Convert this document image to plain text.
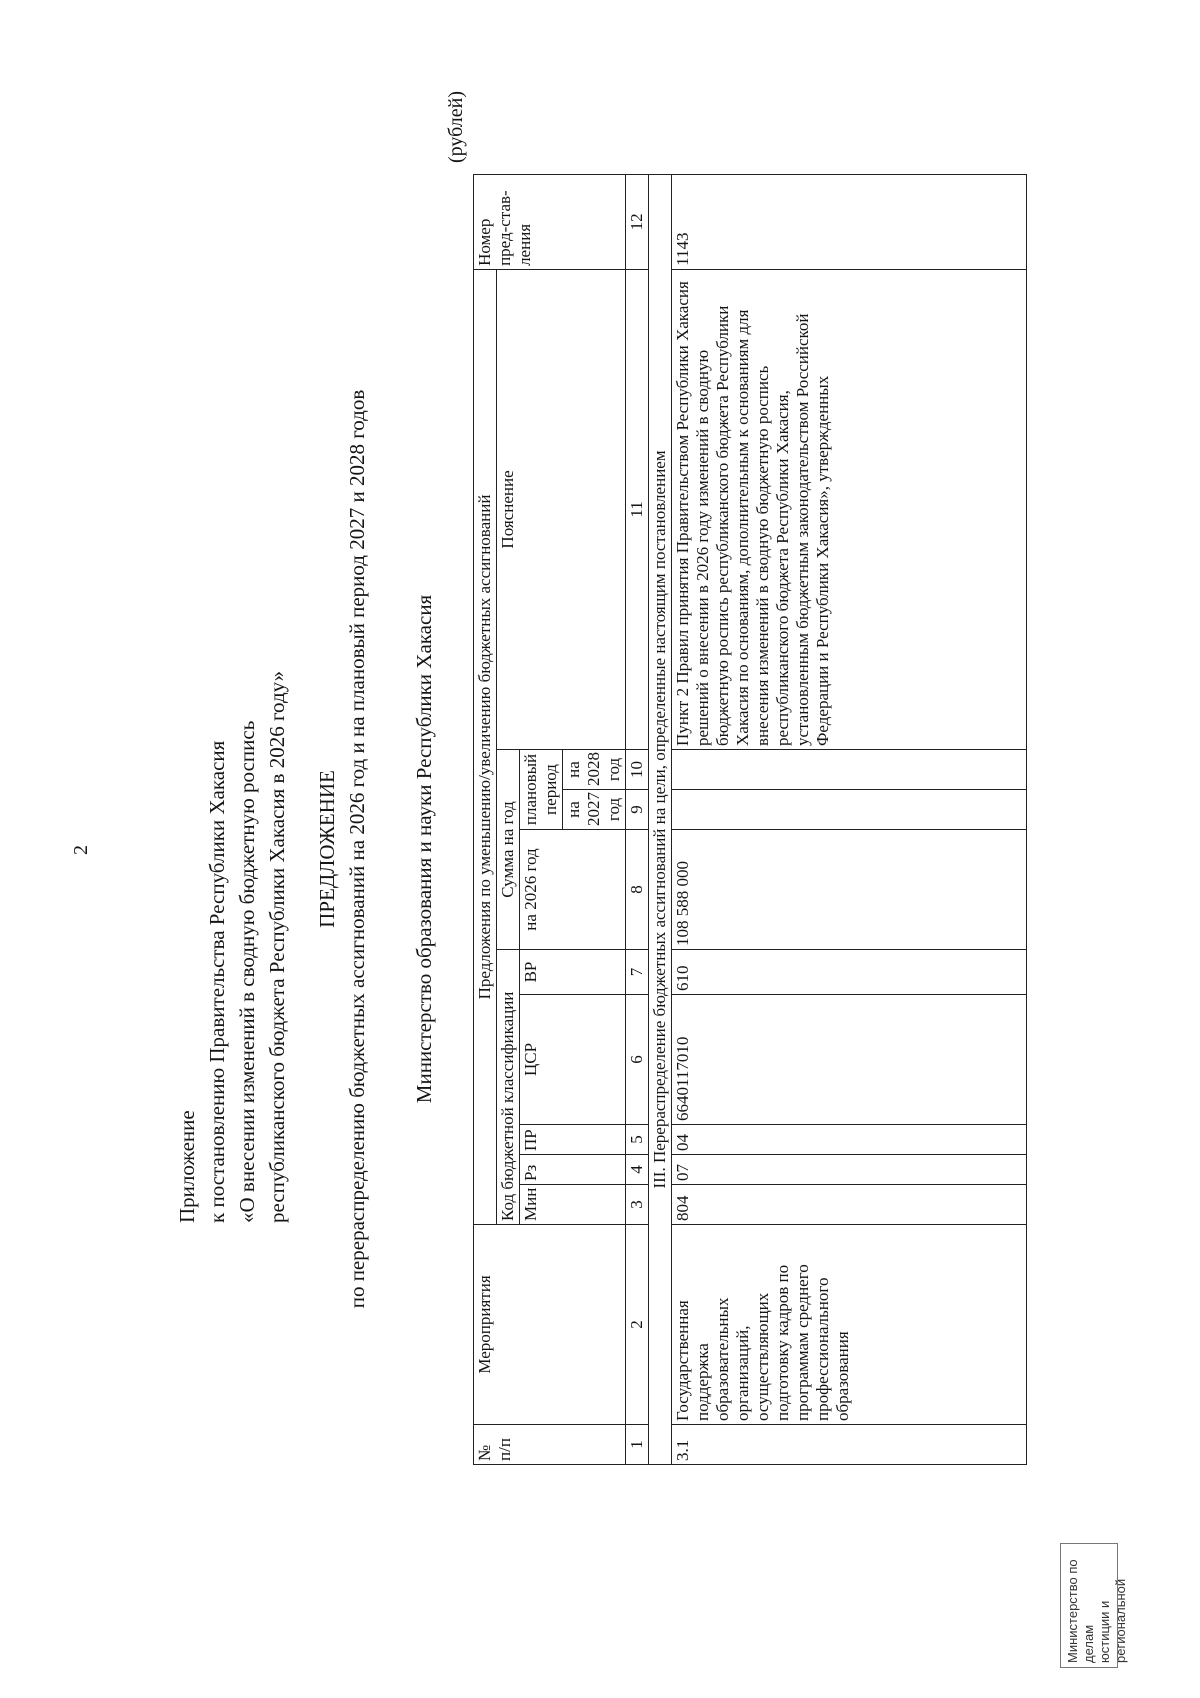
2
Приложение к постановлению Правительства Республики Хакасия «О внесении изменений в сводную бюджетную роспись республиканского бюджета Республики Хакасия в 2026 году» ПРЕДЛОЖЕНИЕ по перераспределению бюджетных ассигнований на 2026 год и на плановый период 2027 и 2028 годов Министерство образования и науки Республики Хакасия
(рублей)
№ п/п	Мероприятия	Предложения по уменьшению/увеличению бюджетных ассигнований									Номер пред-став-ления
		Код бюджетной классификации					Сумма на год			Пояснение	
		Мин	Рз	ПР	ЦСР	ВР	на 2026 год	плановый период			
								на 2027 год	на 2028 год		
1	2	3	4	5	6	7	8	9	10	11	12
III. Перераспределение бюджетных ассигнований на цели, определенные настоящим постановлением											
3.1	Государственная поддержка образовательных организаций, осуществляющих подготовку кадров по программам среднего профессионального образования	804	07	04	6640117010	610	108 588 000			Пункт 2 Правил принятия Правительством Республики Хакасия решений о внесении в 2026 году изменений в сводную бюджетную роспись республиканского бюджета Республики Хакасия по основаниям, дополнительным к основаниям для внесения изменений в сводную бюджетную роспись республиканского бюджета Республики Хакасия, установленным бюджетным законодательством Российской Федерации и Республики Хакасия», утвержденных	1143
Министерство по делам юстиции и региональной
